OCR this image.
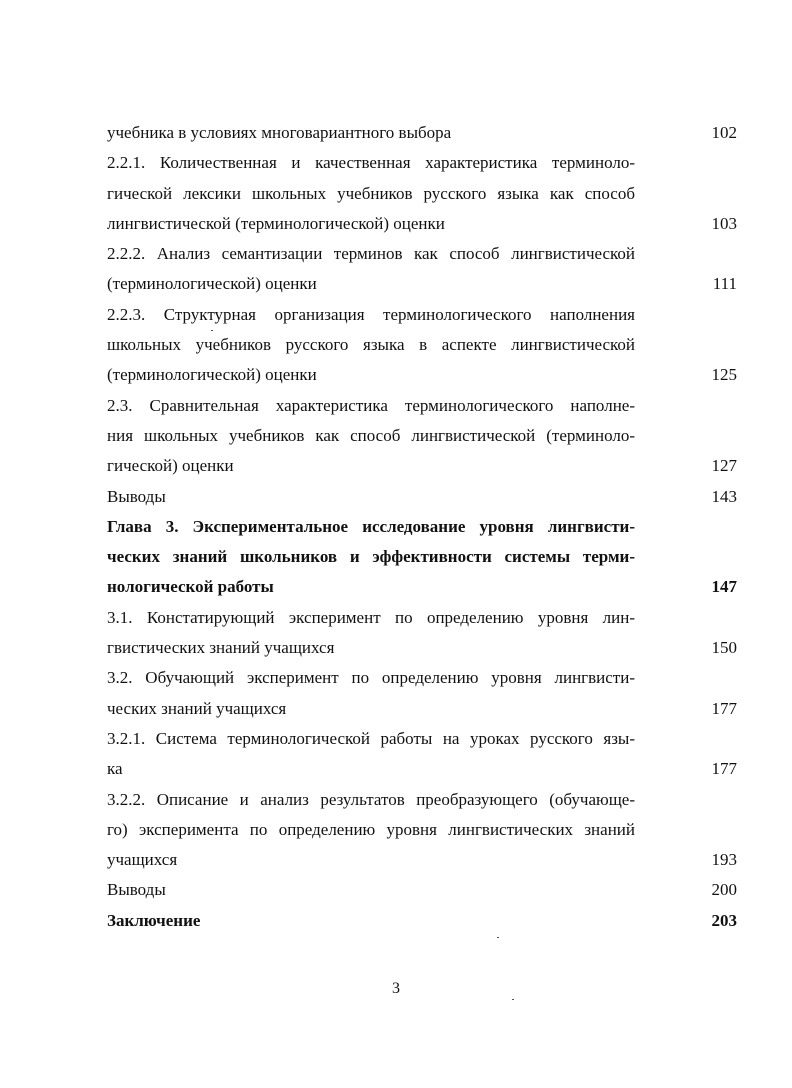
учебника в условиях многовариантного выбора	102
2.2.1. Количественная и качественная характеристика терминоло-
гической лексики школьных учебников русского языка как способ
лингвистической (терминологической) оценки	103
2.2.2. Анализ семантизации терминов как способ лингвистической
(терминологической) оценки	111
2.2.3. Структурная организация терминологического наполнения
школьных учебников русского языка в аспекте лингвистической
(терминологической) оценки	125
2.3. Сравнительная характеристика терминологического наполне-
ния школьных учебников как способ лингвистической (терминоло-
гической) оценки	127
Выводы	143
Глава 3. Экспериментальное исследование уровня лингвисти-
ческих знаний школьников и эффективности системы терми-
нологической работы	147
3.1. Констатирующий эксперимент по определению уровня лин-
гвистических знаний учащихся	150
3.2. Обучающий эксперимент по определению уровня лингвисти-
ческих знаний учащихся	177
3.2.1. Система терминологической работы на уроках русского язы-
ка	177
3.2.2. Описание и анализ результатов преобразующего (обучающе-
го) эксперимента по определению уровня лингвистических знаний
учащихся	193
Выводы	200
Заключение	203
3
